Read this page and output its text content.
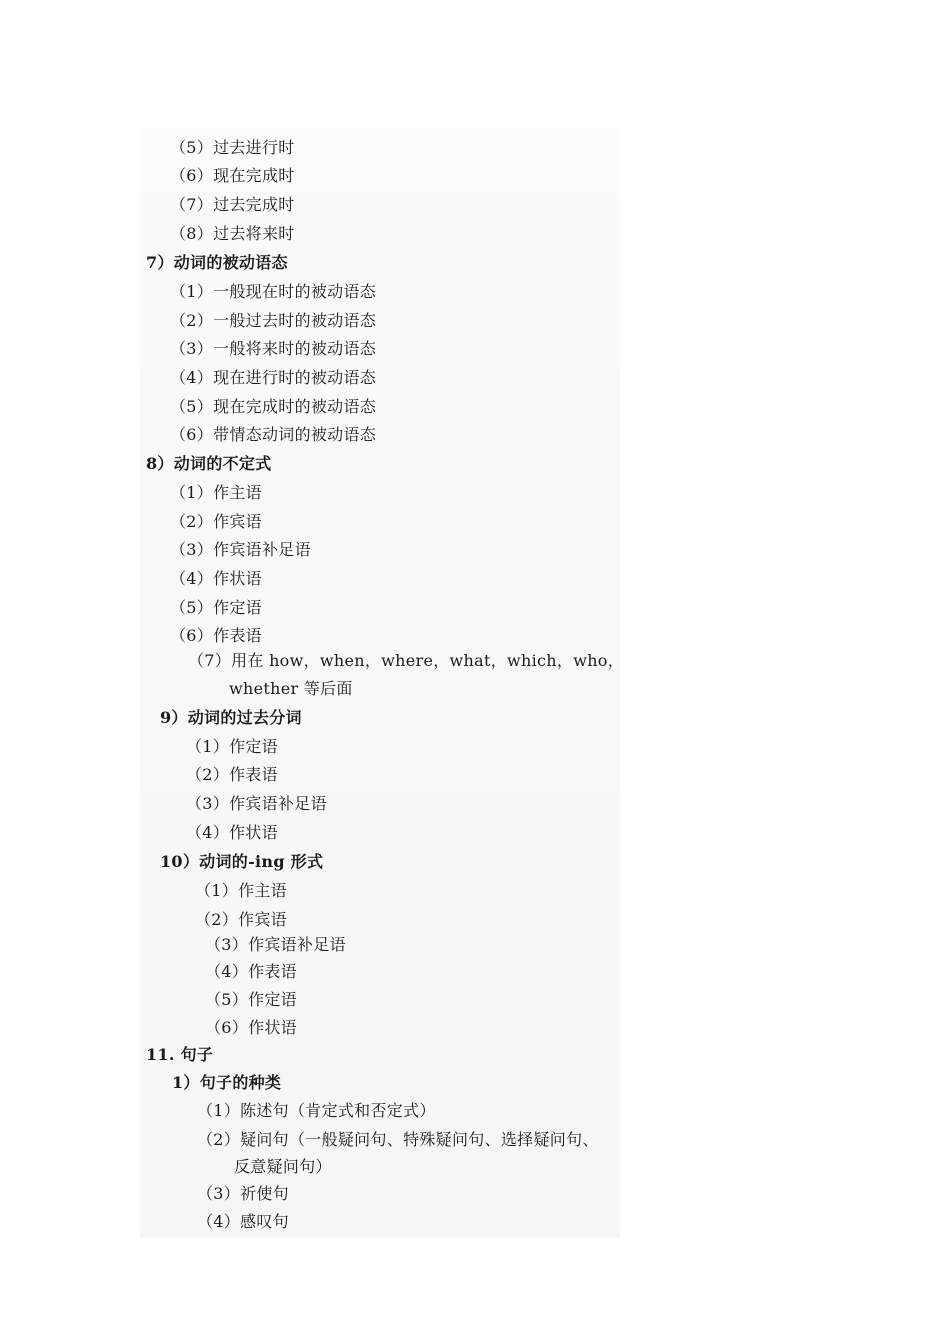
（5）过去进行时
（6）现在完成时
（7）过去完成时
（8）过去将来时
7）动词的被动语态
（1）一般现在时的被动语态
（2）一般过去时的被动语态
（3）一般将来时的被动语态
（4）现在进行时的被动语态
（5）现在完成时的被动语态
（6）带情态动词的被动语态
8）动词的不定式
（1）作主语
（2）作宾语
（3）作宾语补足语
（4）作状语
（5）作定语
（6）作表语
（7）用在 how，when，where，what，which，who，
whether 等后面
9）动词的过去分词
（1）作定语
（2）作表语
（3）作宾语补足语
（4）作状语
10）动词的-ing 形式
（1）作主语
（2）作宾语
（3）作宾语补足语
（4）作表语
（5）作定语
（6）作状语
11. 句子
1）句子的种类
（1）陈述句（肯定式和否定式）
（2）疑问句（一般疑问句、特殊疑问句、选择疑问句、
反意疑问句）
（3）祈使句
（4）感叹句
